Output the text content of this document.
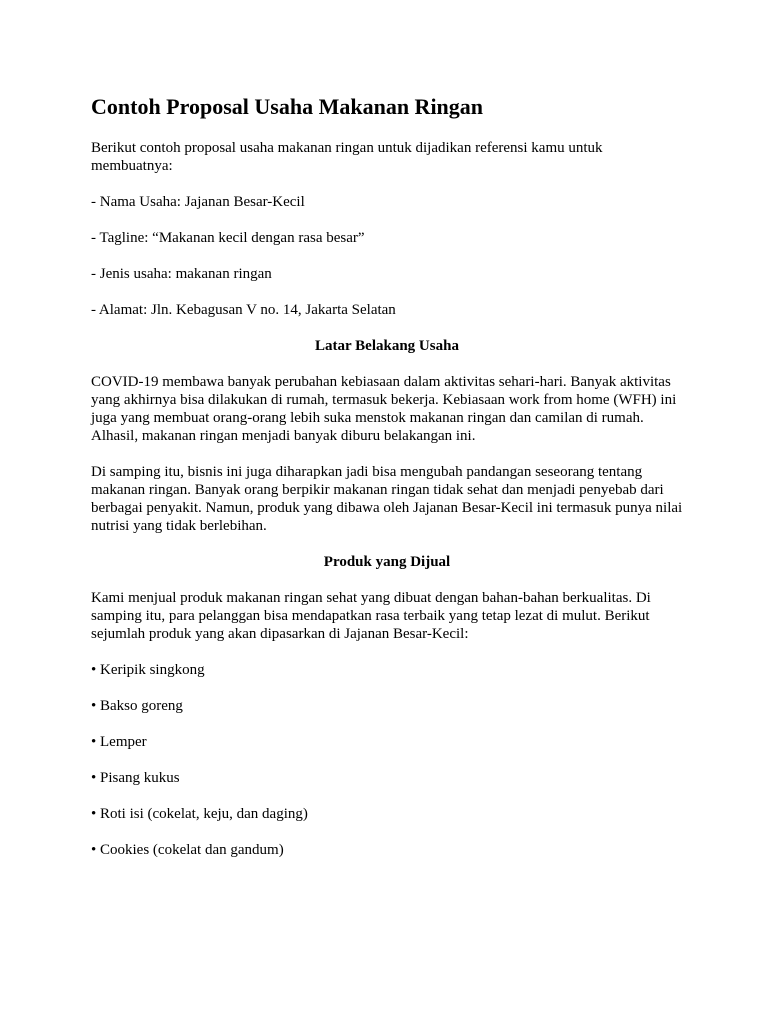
Contoh Proposal Usaha Makanan Ringan

Berikut contoh proposal usaha makanan ringan untuk dijadikan referensi kamu untuk membuatnya:

- Nama Usaha: Jajanan Besar-Kecil

- Tagline: “Makanan kecil dengan rasa besar”

- Jenis usaha: makanan ringan

- Alamat: Jln. Kebagusan V no. 14, Jakarta Selatan

Latar Belakang Usaha

COVID-19 membawa banyak perubahan kebiasaan dalam aktivitas sehari-hari. Banyak aktivitas yang akhirnya bisa dilakukan di rumah, termasuk bekerja. Kebiasaan work from home (WFH) ini juga yang membuat orang-orang lebih suka menstok makanan ringan dan camilan di rumah. Alhasil, makanan ringan menjadi banyak diburu belakangan ini.

Di samping itu, bisnis ini juga diharapkan jadi bisa mengubah pandangan seseorang tentang makanan ringan. Banyak orang berpikir makanan ringan tidak sehat dan menjadi penyebab dari berbagai penyakit. Namun, produk yang dibawa oleh Jajanan Besar-Kecil ini termasuk punya nilai nutrisi yang tidak berlebihan.

Produk yang Dijual

Kami menjual produk makanan ringan sehat yang dibuat dengan bahan-bahan berkualitas. Di samping itu, para pelanggan bisa mendapatkan rasa terbaik yang tetap lezat di mulut. Berikut sejumlah produk yang akan dipasarkan di Jajanan Besar-Kecil:

• Keripik singkong

• Bakso goreng

• Lemper

• Pisang kukus

• Roti isi (cokelat, keju, dan daging)

• Cookies (cokelat dan gandum)
